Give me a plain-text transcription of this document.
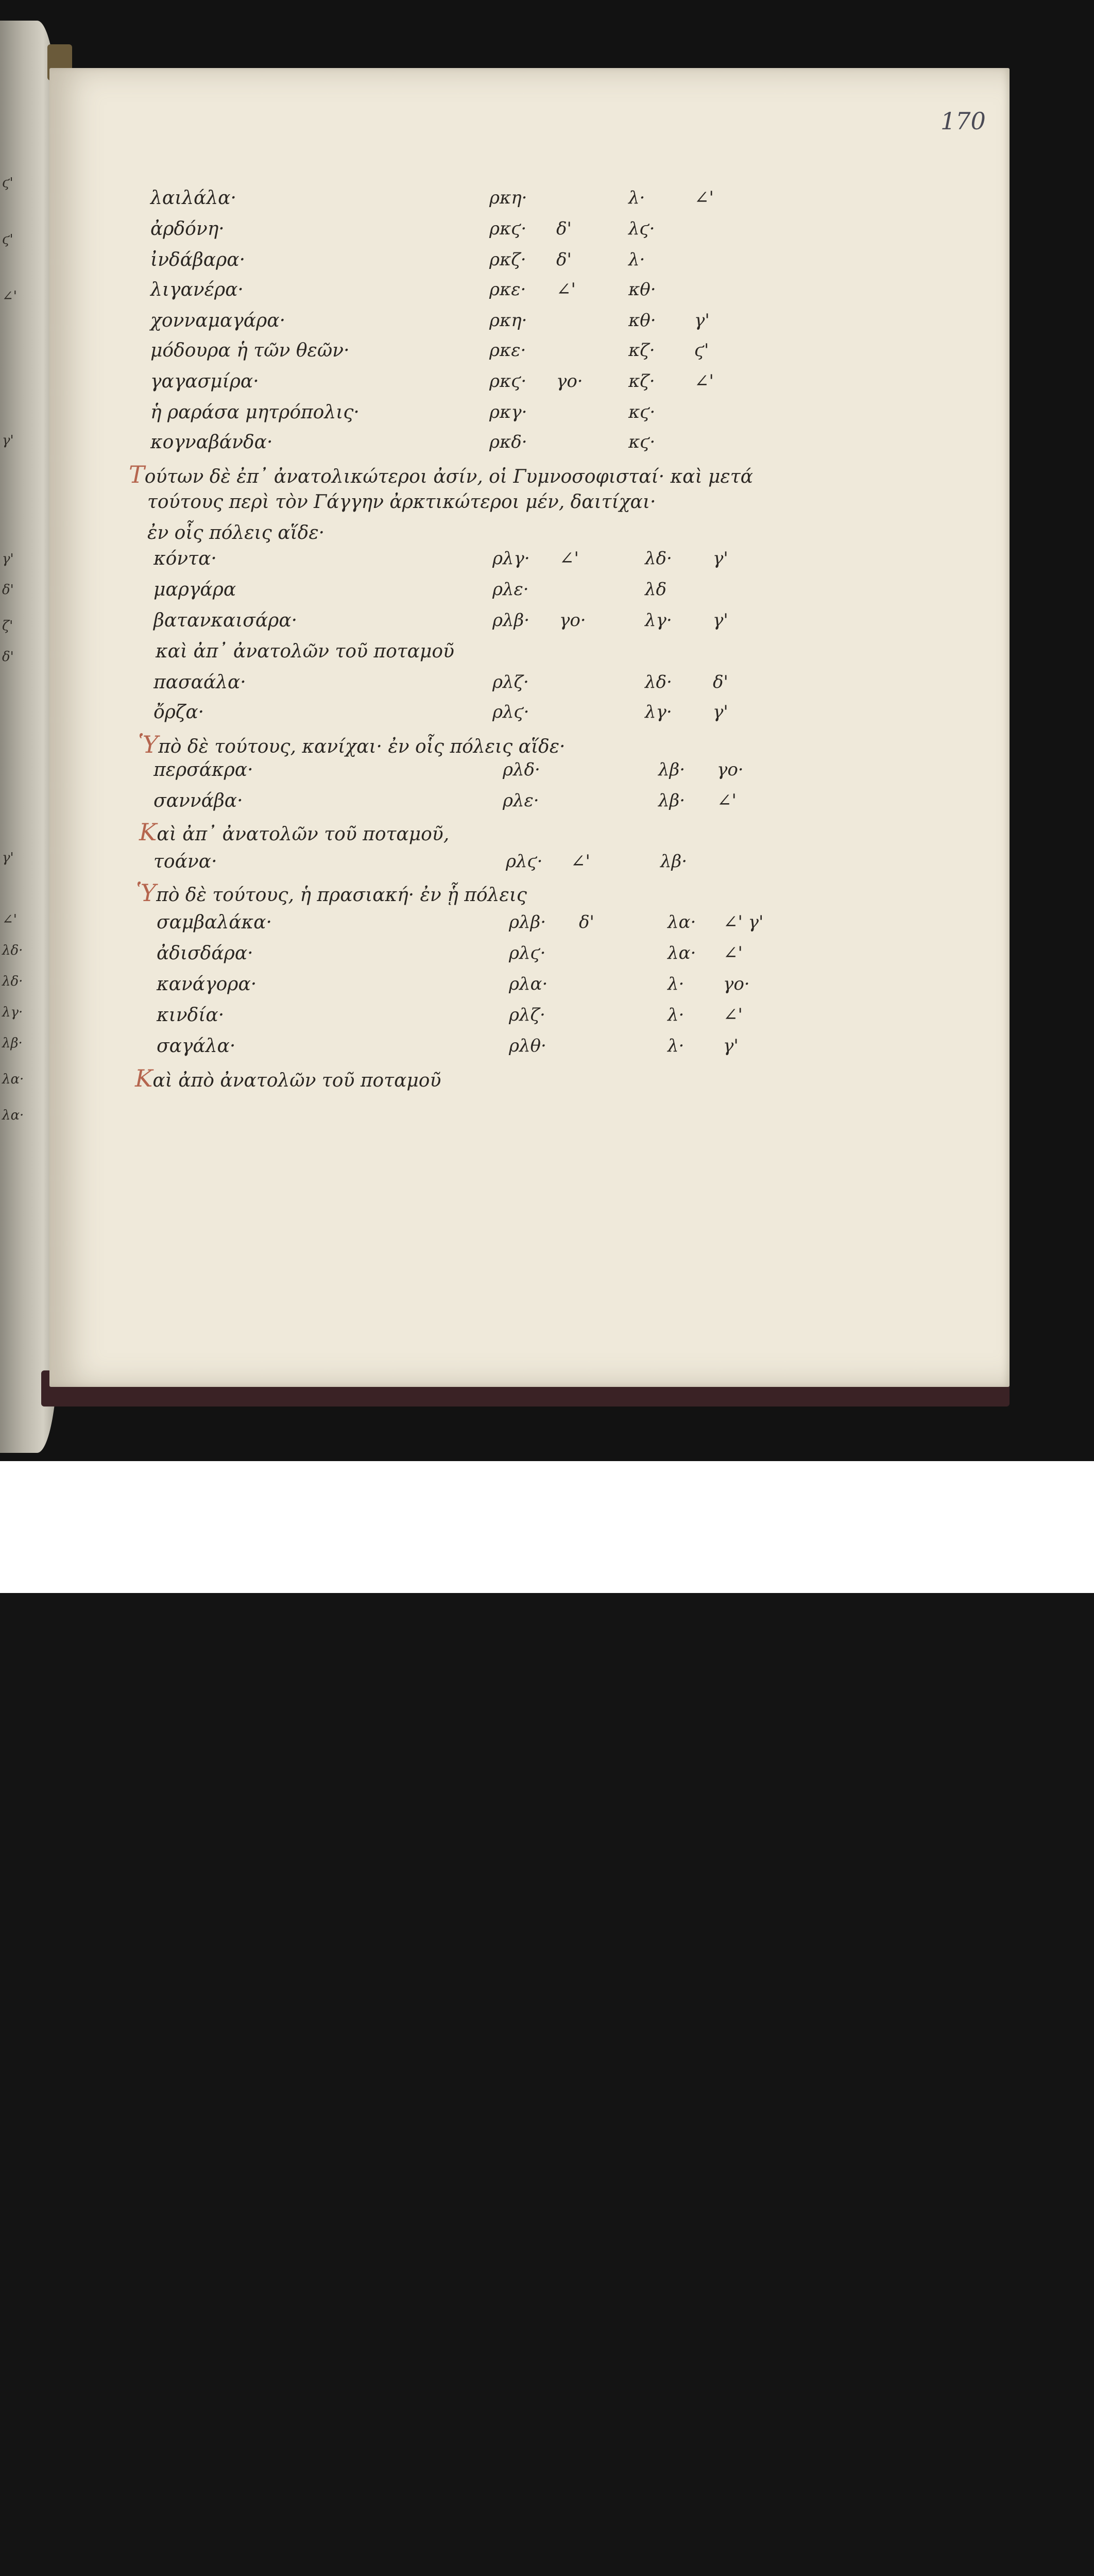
ϛ'
ϛ'
∠'
γ'
γ'
δ'
ζ'
δ'
γ'
∠'
λδ·
λδ·
λγ·
λβ·
λα·
λα·
170
λαιλάλα·	ρκη·	λ·	∠'
ἀρδόνη·	ρκϛ· δ'	λϛ·
ἰνδάβαρα·	ρκζ· δ'	λ·
λιγανέρα·	ρκε· ∠'	κθ·
χονναμαγάρα·	ρκη·	κθ· γ'
μόδουρα ἡ τῶν θεῶν·	ρκε·	κζ· ϛ'
γαγασμίρα·	ρκϛ· γο·	κζ· ∠'
ἡ ραράσα μητρόπολις·	ρκγ·	κϛ·
κογναβάνδα·	ρκδ·	κϛ·
Τούτων δὲ ἐπ᾽ ἀνατολικώτεροι ἀσίν, οἱ Γυμνοσοφισταί· καὶ μετά
τούτους περὶ τὸν Γάγγην ἀρκτικώτεροι μέν, δαιτίχαι·
ἐν οἷς πόλεις αἵδε·
κόντα·	ρλγ· ∠'	λδ· γ'
μαργάρα	ρλε·	λδ
βατανκαισάρα·	ρλβ· γο·	λγ· γ'
καὶ ἀπ᾽ ἀνατολῶν τοῦ ποταμοῦ
πασαάλα·	ρλζ·	λδ· δ'
ὄρζα·	ρλϛ·	λγ· γ'
Ὑπὸ δὲ τούτους, κανίχαι· ἐν οἷς πόλεις αἵδε·
περσάκρα·	ρλδ·	λβ· γο·
σαννάβα·	ρλε·	λβ· ∠'
Καὶ ἀπ᾽ ἀνατολῶν τοῦ ποταμοῦ,
τοάνα·	ρλϛ· ∠'	λβ·
Ὑπὸ δὲ τούτους, ἡ πρασιακή· ἐν ᾗ πόλεις
σαμβαλάκα·	ρλβ· δ'	λα· ∠' γ'
ἀδισδάρα·	ρλϛ·	λα· ∠'
κανάγορα·	ρλα·	λ· γο·
κινδία·	ρλζ·	λ· ∠'
σαγάλα·	ρλθ·	λ· γ'
Καὶ ἀπὸ ἀνατολῶν τοῦ ποταμοῦ
